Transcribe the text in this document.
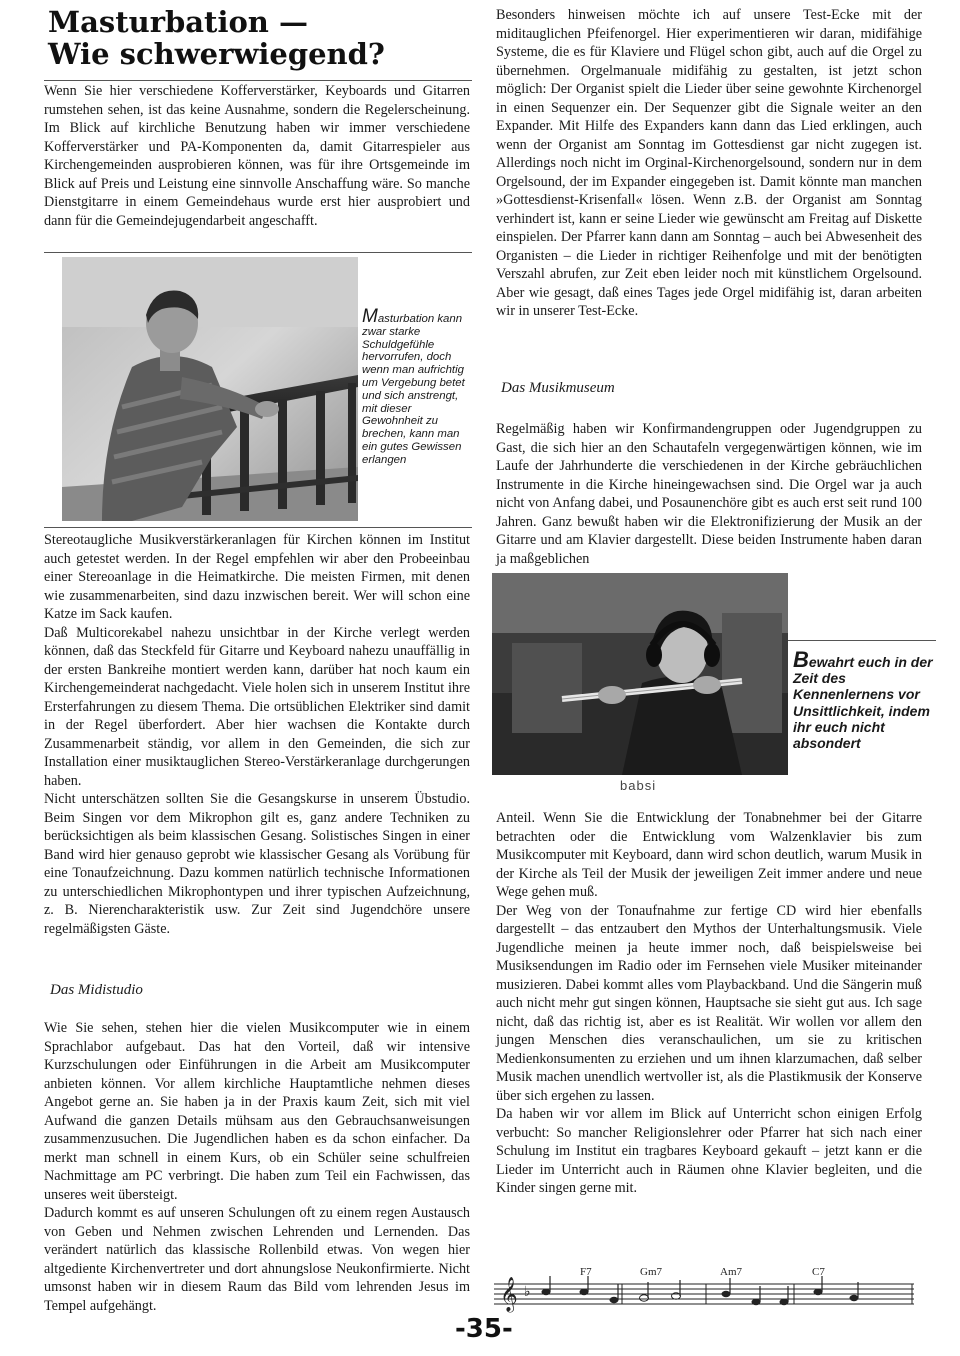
Masturbation —
Wie schwerwiegend?

Wenn Sie hier verschiedene Kofferverstärker, Keyboards und Gitarren rumstehen sehen, ist das keine Ausnahme, sondern die Regelerscheinung. Im Blick auf kirchliche Benutzung haben wir immer verschiedene Kofferverstärker und PA-Komponenten da, damit Gitarrespieler aus Kirchengemeinden ausprobieren können, was für ihre Ortsgemeinde im Blick auf Preis und Leistung eine sinnvolle Anschaffung wäre. So manche Dienstgitarre in einem Gemeindehaus wurde erst hier ausprobiert und dann für die Gemeindejugendarbeit angeschafft.

Masturbation kann zwar starke Schuldgefühle hervorrufen, doch wenn man aufrichtig um Vergebung betet und sich anstrengt, mit dieser Gewohnheit zu brechen, kann man ein gutes Gewissen erlangen

Stereotaugliche Musikverstärkeranlagen für Kirchen können im Institut auch getestet werden. In der Regel empfehlen wir aber den Probeeinbau einer Stereoanlage in die Heimatkirche. Die meisten Firmen, mit denen wie zusammenarbeiten, sind dazu inzwischen bereit. Wer will schon eine Katze im Sack kaufen.

Daß Multicorekabel nahezu unsichtbar in der Kirche verlegt werden können, daß das Steckfeld für Gitarre und Keyboard nahezu unauffällig in der ersten Bankreihe montiert werden kann, darüber hat noch kaum ein Kirchengemeinderat nachgedacht. Viele holen sich in unserem Institut ihre Ersterfahrungen zu diesem Thema. Die ortsüblichen Elektriker sind damit in der Regel überfordert. Aber hier wachsen die Kontakte durch Zusammenarbeit ständig, vor allem in den Gemeinden, die sich zur Installation einer musiktauglichen Stereo-Verstärkeranlage durchgerungen haben.

Nicht unterschätzen sollten Sie die Gesangskurse in unserem Übstudio. Beim Singen vor dem Mikrophon gilt es, ganz andere Techniken zu berücksichtigen als beim klassischen Gesang. Solistisches Singen in einer Band wird hier genauso geprobt wie klassischer Gesang als Vorübung für eine Tonaufzeichnung. Dazu kommen natürlich technische Informationen zu unterschiedlichen Mikrophontypen und ihrer typischen Aufzeichnung, z. B. Nierencharakteristik usw. Zur Zeit sind Jugendchöre unsere regelmäßigsten Gäste.

Das Midistudio

Wie Sie sehen, stehen hier die vielen Musikcomputer wie in einem Sprachlabor aufgebaut. Das hat den Vorteil, daß wir intensive Kurzschulungen oder Einführungen in die Arbeit am Musikcomputer anbieten können. Vor allem kirchliche Hauptamtliche nehmen dieses Angebot gerne an. Sie haben ja in der Praxis kaum Zeit, sich mit viel Aufwand die ganzen Details mühsam aus den Gebrauchsanweisungen zusammenzusuchen. Die Jugendlichen haben es da schon einfacher. Da merkt man schnell in einem Kurs, ob ein Schüler seine schulfreien Nachmittage am PC verbringt. Die haben zum Teil ein Fachwissen, das unseres weit übersteigt.

Dadurch kommt es auf unseren Schulungen oft zu einem regen Austausch von Geben und Nehmen zwischen Lehrenden und Lernenden. Das verändert natürlich das klassische Rollenbild etwas. Von wegen hier altgediente Kirchenvertreter und dort ahnungslose Neukonfirmierte. Nicht umsonst haben wir in diesem Raum das Bild vom lehrenden Jesus im Tempel aufgehängt.

Besonders hinweisen möchte ich auf unsere Test-Ecke mit der miditauglichen Pfeifenorgel. Hier experimentieren wir daran, midifähige Systeme, die es für Klaviere und Flügel schon gibt, auch auf die Orgel zu übernehmen. Orgelmanuale midifähig zu gestalten, ist jetzt schon möglich: Der Organist spielt die Lieder über seine gewohnte Kirchenorgel in einen Sequenzer ein. Der Sequenzer gibt die Signale weiter an den Expander. Mit Hilfe des Expanders kann dann das Lied erklingen, auch wenn der Organist am Sonntag im Gottesdienst gar nicht zugegen ist. Allerdings noch nicht im Orginal-Kirchenorgelsound, sondern nur in dem Orgelsound, der im Expander eingegeben ist. Damit könnte man manchen »Gottesdienst-Krisenfall« lösen. Wenn z.B. der Organist am Sonntag verhindert ist, kann er seine Lieder wie gewünscht am Freitag auf Diskette einspielen. Der Pfarrer kann dann am Sonntag – auch bei Abwesenheit des Organisten – die Lieder in richtiger Reihenfolge und mit der benötigten Verszahl abrufen, zur Zeit eben leider noch mit künstlichem Orgelsound. Aber wie gesagt, daß eines Tages jede Orgel midifähig ist, daran arbeiten wir in unserer Test-Ecke.

Das Musikmuseum

Regelmäßig haben wir Konfirmandengruppen oder Jugendgruppen zu Gast, die sich hier an den Schautafeln vergegenwärtigen können, wie im Laufe der Jahrhunderte die verschiedenen in der Kirche gebräuchlichen Instrumente in die Kirche hineingewachsen sind. Die Orgel war ja auch nicht von Anfang dabei, und Posaunenchöre gibt es auch erst seit rund 100 Jahren. Ganz bewußt haben wir die Elektronifizierung der Musik an der Gitarre und am Klavier dargestellt. Diese beiden Instrumente haben daran ja maßgeblichen

Bewahrt euch in der Zeit des Kennenlernens vor Unsittlichkeit, indem ihr euch nicht absondert
babsi

Anteil. Wenn Sie die Entwicklung der Tonabnehmer bei der Gitarre betrachten oder die Entwicklung vom Walzenklavier bis zum Musikcomputer mit Keyboard, dann wird schon deutlich, warum Musik in der Kirche als Teil der Musik der jeweiligen Zeit immer andere und neue Wege gehen muß.

Der Weg von der Tonaufnahme zur fertige CD wird hier ebenfalls dargestellt – das entzaubert den Mythos der Unterhaltungsmusik. Viele Jugendliche meinen ja heute immer noch, daß beispielsweise bei Musiksendungen im Radio oder im Fernsehen viele Musiker miteinander musizieren. Dabei kommt alles vom Playbackband. Und die Sängerin muß auch nicht mehr gut singen können, Hauptsache sie sieht gut aus. Ich sage nicht, daß das richtig ist, aber es ist Realität. Wir wollen vor allem den jungen Menschen dies veranschaulichen, um sie zu kritischen Medienkonsumenten zu erziehen und um ihnen klarzumachen, daß selber Musik machen unendlich wertvoller ist, als die Plastikmusik der Konserve über sich ergehen zu lassen.

Da haben wir vor allem im Blick auf Unterricht schon einigen Erfolg verbucht: So mancher Religionslehrer oder Pfarrer hat sich nach einer Schulung im Institut ein tragbares Keyboard gekauft – jetzt kann er die Lieder im Unterricht auch in Räumen ohne Klavier begleiten, und die Kinder singen gerne mit.

𝄞 ♭
F7	Gm7	Am7	C7
-35-
